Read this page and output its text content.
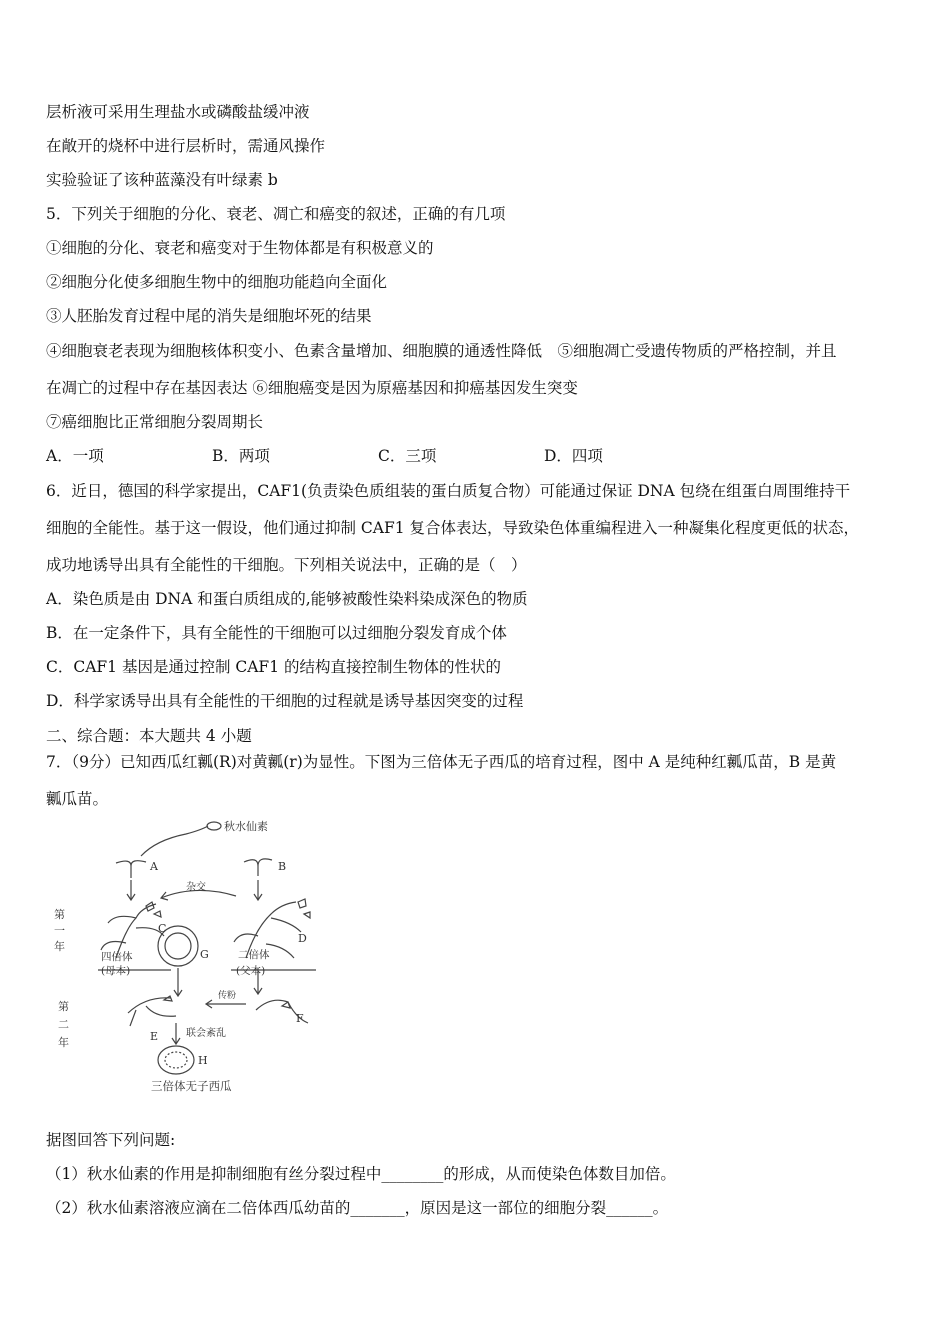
层析液可采用生理盐水或磷酸盐缓冲液
在敞开的烧杯中进行层析时，需通风操作
实验验证了该种蓝藻没有叶绿素 b
5．下列关于细胞的分化、衰老、凋亡和癌变的叙述，正确的有几项
①细胞的分化、衰老和癌变对于生物体都是有积极意义的
②细胞分化使多细胞生物中的细胞功能趋向全面化
③人胚胎发育过程中尾的消失是细胞坏死的结果
④细胞衰老表现为细胞核体积变小、色素含量增加、细胞膜的通透性降低　⑤细胞凋亡受遗传物质的严格控制，并且
在凋亡的过程中存在基因表达 ⑥细胞癌变是因为原癌基因和抑癌基因发生突变
⑦癌细胞比正常细胞分裂周期长
A．一项	B．两项	C．三项	D．四项
6．近日，德国的科学家提出，CAF1(负责染色质组装的蛋白质复合物）可能通过保证 DNA 包绕在组蛋白周围维持干
细胞的全能性。基于这一假设，他们通过抑制 CAF1 复合体表达，导致染色体重编程进入一种凝集化程度更低的状态，
成功地诱导出具有全能性的干细胞。下列相关说法中，正确的是（　）
A．染色质是由 DNA 和蛋白质组成的,能够被酸性染料染成深色的物质
B．在一定条件下，具有全能性的干细胞可以过细胞分裂发育成个体
C．CAF1 基因是通过控制 CAF1 的结构直接控制生物体的性状的
D．科学家诱导出具有全能性的干细胞的过程就是诱导基因突变的过程
二、综合题：本大题共 4 小题
7．（9分）已知西瓜红瓤(R)对黄瓤(r)为显性。下图为三倍体无子西瓜的培育过程，图中 A 是纯种红瓤瓜苗，B 是黄
瓤瓜苗。
秋水仙素
A	B
杂交
C
D
G
四倍体
(母本)
二倍体
(父本)
传粉
E
F
联会紊乱
H
三倍体无子西瓜
第
一
年
第
二
年
据图回答下列问题:
（1）秋水仙素的作用是抑制细胞有丝分裂过程中________的形成，从而使染色体数目加倍。
（2）秋水仙素溶液应滴在二倍体西瓜幼苗的_______，原因是这一部位的细胞分裂______。
